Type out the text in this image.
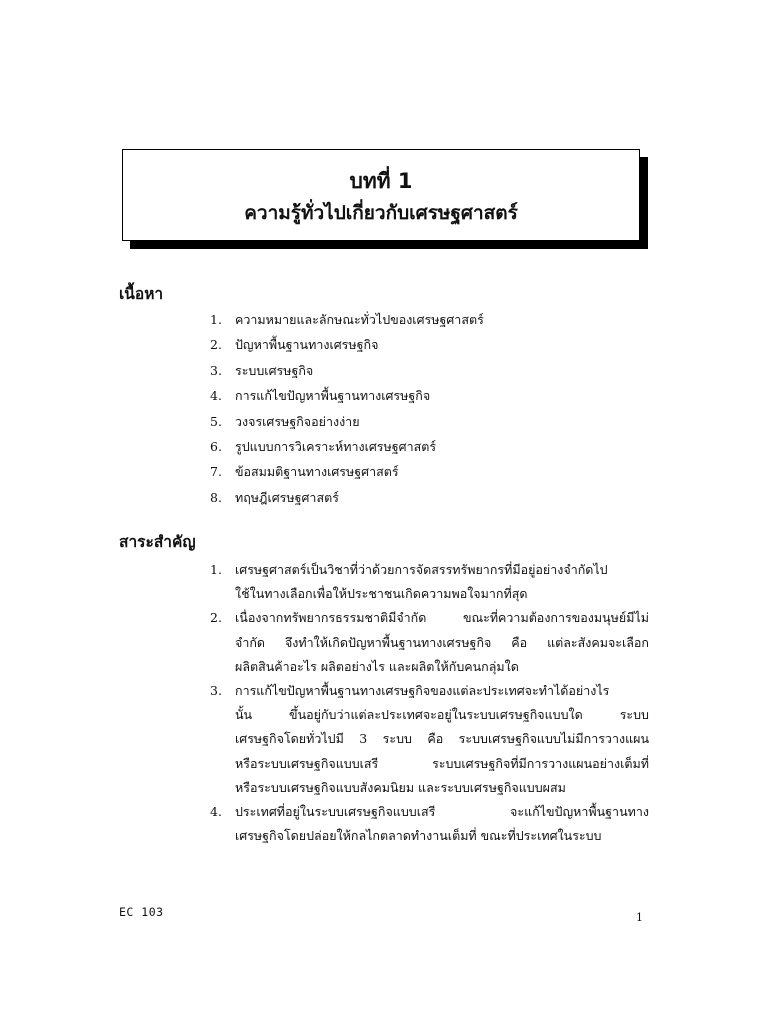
บทที่ 1
ความรู้ทั่วไปเกี่ยวกับเศรษฐศาสตร์
เนื้อหา
1.	ความหมายและลักษณะทั่วไปของเศรษฐศาสตร์
2.	ปัญหาพื้นฐานทางเศรษฐกิจ
3.	ระบบเศรษฐกิจ
4.	การแก้ไขปัญหาพื้นฐานทางเศรษฐกิจ
5.	วงจรเศรษฐกิจอย่างง่าย
6.	รูปแบบการวิเคราะห์ทางเศรษฐศาสตร์
7.	ข้อสมมติฐานทางเศรษฐศาสตร์
8.	ทฤษฎีเศรษฐศาสตร์
สาระสำคัญ
1.	เศรษฐศาสตร์เป็นวิชาที่ว่าด้วยการจัดสรรทรัพยากรที่มีอยู่อย่างจำกัดไป
ใช้ในทางเลือกเพื่อให้ประชาชนเกิดความพอใจมากที่สุด
2.	เนื่องจากทรัพยากรธรรมชาติมีจำกัด ขณะที่ความต้องการของมนุษย์มีไม่
จำกัด จึงทำให้เกิดปัญหาพื้นฐานทางเศรษฐกิจ คือ แต่ละสังคมจะเลือก
ผลิตสินค้าอะไร ผลิตอย่างไร และผลิตให้กับคนกลุ่มใด
3.	การแก้ไขปัญหาพื้นฐานทางเศรษฐกิจของแต่ละประเทศจะทำได้อย่างไร
นั้น ขึ้นอยู่กับว่าแต่ละประเทศจะอยู่ในระบบเศรษฐกิจแบบใด ระบบ
เศรษฐกิจโดยทั่วไปมี 3 ระบบ คือ ระบบเศรษฐกิจแบบไม่มีการวางแผน
หรือระบบเศรษฐกิจแบบเสรี ระบบเศรษฐกิจที่มีการวางแผนอย่างเต็มที่
หรือระบบเศรษฐกิจแบบสังคมนิยม และระบบเศรษฐกิจแบบผสม
4.	ประเทศที่อยู่ในระบบเศรษฐกิจแบบเสรี จะแก้ไขปัญหาพื้นฐานทาง
เศรษฐกิจโดยปล่อยให้กลไกตลาดทำงานเต็มที่ ขณะที่ประเทศในระบบ
EC 103	1
